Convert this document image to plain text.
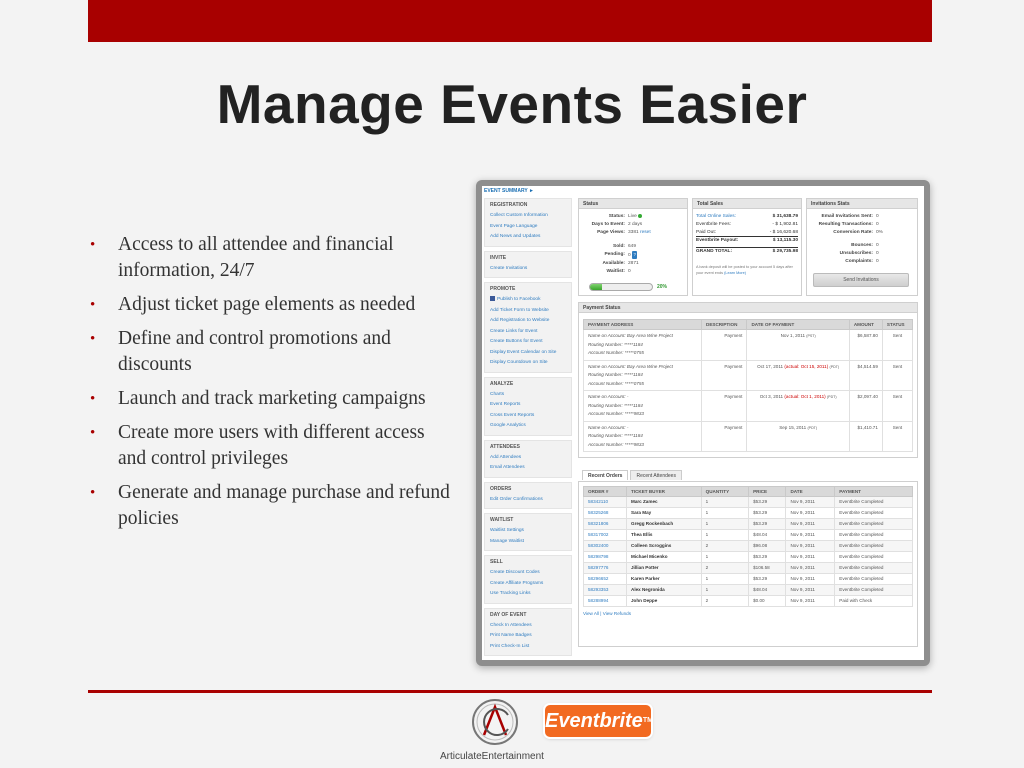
Manage Events Easier
• Access to all attendee and financial information, 24/7
• Adjust ticket page elements as needed
• Define and control promotions and discounts
• Launch and track marketing campaigns
• Create more users with different access and control privileges
• Generate and manage purchase and refund policies
EVENT SUMMARY ►
REGISTRATION
Collect Custom Information
Event Page Language
Add News and Updates
INVITE
Create Invitations
PROMOTE
Publish to Facebook
Add Ticket Form to Website
Add Registration to Website
Create Links for Event
Create Buttons for Event
Display Event Calendar on Site
Display Countdown on Site
ANALYZE
Charts
Event Reports
Cross Event Reports
Google Analytics
ATTENDEES
Add Attendees
Email Attendees
ORDERS
Edit Order Confirmations
WAITLIST
Waitlist Settings
Manage Waitlist
SELL
Create Discount Codes
Create Affiliate Programs
Use Tracking Links
DAY OF EVENT
Check In Attendees
Print Name Badges
Print Check-In List
Status
Status: Live
Days to Event: 2 days
Page Views: 3381 reset
Sold: 649
Pending: 0 ?
Available: 2871
Waitlist: 0
20%
Total Sales
Total Online Sales:	$ 31,638.79
Eventbrite Fees:	- $ 1,902.81
Paid Out:	- $ 16,620.68
Eventbrite Payout:	$ 13,115.30
GRAND TOTAL:	$ 29,735.98
A bank deposit will be posted to your account 5 days after your event ends (Learn More)
Invitations Stats
Email Invitations Sent: 0
Resulting Transactions: 0
Conversion Rate: 0%
Bounces: 0
Unsubscribes: 0
Complaints: 0
Send Invitations
Payment Status
PAYMENT ADDRESS	DESCRIPTION	DATE OF PAYMENT	AMOUNT	STATUS

Name on Account: Bay Area Wine Project
Routing Number: *****1184
Account Number: *****0755	Payment	Nov 1, 2011 (PST)	$6,587.80	Sent

Name on Account: Bay Area Wine Project
Routing Number: *****1184
Account Number: *****0755	Payment	Oct 17, 2011 (actual: Oct 15, 2011) (PDT)	$4,514.59	Sent

Name on Account: -
Routing Number: *****1184
Account Number: *****9833	Payment	Oct 3, 2011 (actual: Oct 1, 2011) (PDT)	$2,097.40	Sent

Name on Account: -
Routing Number: *****1184
Account Number: *****9833	Payment	Sep 15, 2011 (PDT)	$1,410.71	Sent
Recent Orders	Recent Attendees
ORDER #	TICKET BUYER	QUANTITY	PRICE	DATE	PAYMENT
58342110	Marc Zamec	1	$53.29	Nov 9, 2011	Eventbrite Completed
58325268	Sara May	1	$53.29	Nov 9, 2011	Eventbrite Completed
58321806	Gregg Rockenbach	1	$53.29	Nov 9, 2011	Eventbrite Completed
58317002	Thea Ellis	1	$48.04	Nov 9, 2011	Eventbrite Completed
58302400	Colleen Scroggins	2	$96.08	Nov 9, 2011	Eventbrite Completed
58298798	Michael Micenko	1	$53.29	Nov 9, 2011	Eventbrite Completed
58297776	Jillian Potter	2	$106.58	Nov 9, 2011	Eventbrite Completed
58296652	Karen Parker	1	$53.29	Nov 9, 2011	Eventbrite Completed
58293353	Alex Negronida	1	$48.04	Nov 9, 2011	Eventbrite Completed
58288994	John Deppe	2	$0.00	Nov 9, 2011	Paid with Check
View All | View Refunds
ArticulateEntertainment
Eventbrite™
